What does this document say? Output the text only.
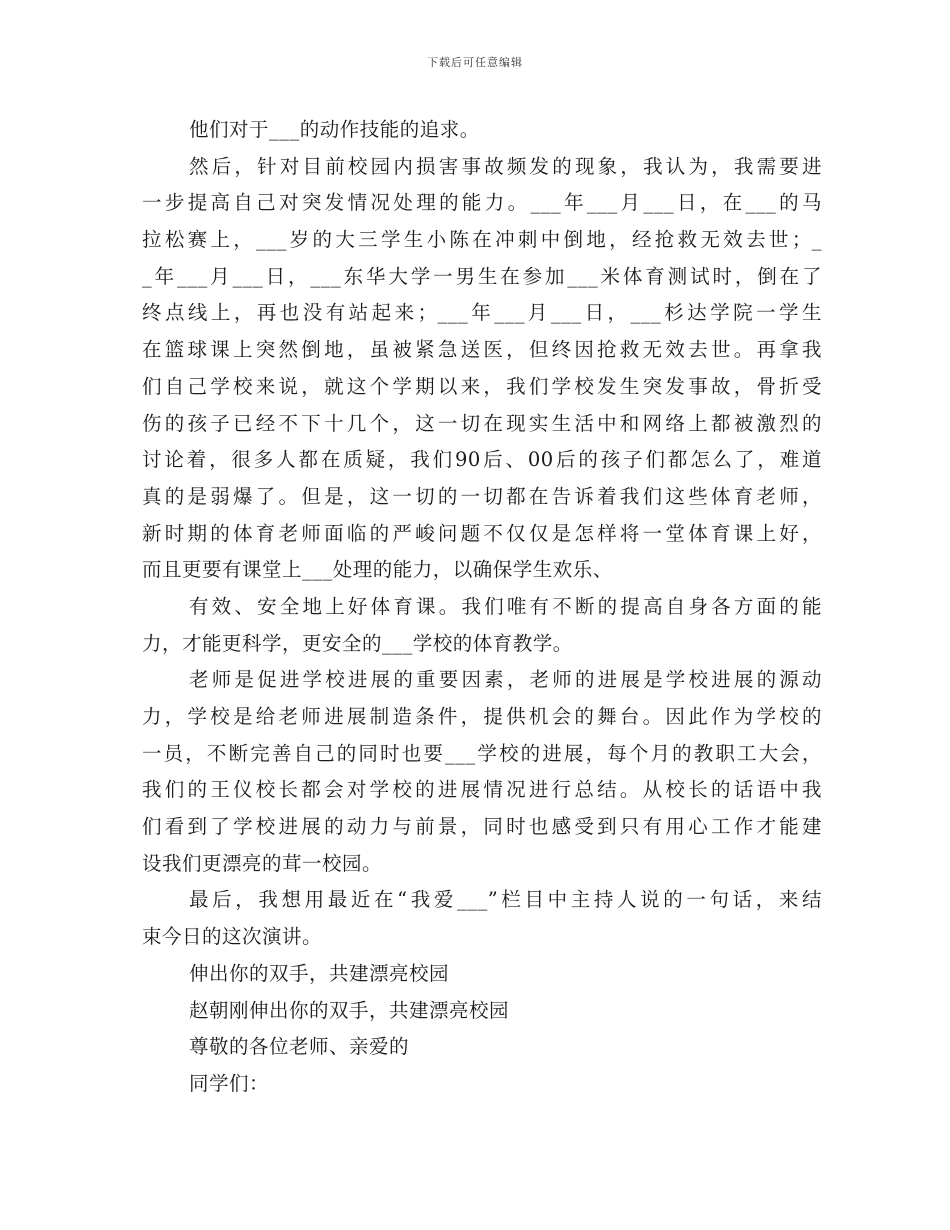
下载后可任意编辑
他们对于___的动作技能的追求。
然后，针对目前校园内损害事故频发的现象，我认为，我需要进
一步提高自己对突发情况处理的能力。___年___月___日，在___的马
拉松赛上，___岁的大三学生小陈在冲刺中倒地，经抢救无效去世；_
_年___月___日，___东华大学一男生在参加___米体育测试时，倒在了
终点线上，再也没有站起来；___年___月___日，___杉达学院一学生
在篮球课上突然倒地，虽被紧急送医，但终因抢救无效去世。再拿我
们自己学校来说，就这个学期以来，我们学校发生突发事故，骨折受
伤的孩子已经不下十几个，这一切在现实生活中和网络上都被激烈的
讨论着，很多人都在质疑，我们90后、00后的孩子们都怎么了，难道
真的是弱爆了。但是，这一切的一切都在告诉着我们这些体育老师，
新时期的体育老师面临的严峻问题不仅仅是怎样将一堂体育课上好，
而且更要有课堂上___处理的能力，以确保学生欢乐、
有效、安全地上好体育课。我们唯有不断的提高自身各方面的能
力，才能更科学，更安全的___学校的体育教学。
老师是促进学校进展的重要因素，老师的进展是学校进展的源动
力，学校是给老师进展制造条件，提供机会的舞台。因此作为学校的
一员，不断完善自己的同时也要___学校的进展，每个月的教职工大会，
我们的王仪校长都会对学校的进展情况进行总结。从校长的话语中我
们看到了学校进展的动力与前景，同时也感受到只有用心工作才能建
设我们更漂亮的茸一校园。
最后，我想用最近在“我爱___”栏目中主持人说的一句话，来结
束今日的这次演讲。
伸出你的双手，共建漂亮校园
赵朝刚伸出你的双手，共建漂亮校园
尊敬的各位老师、亲爱的
同学们：
